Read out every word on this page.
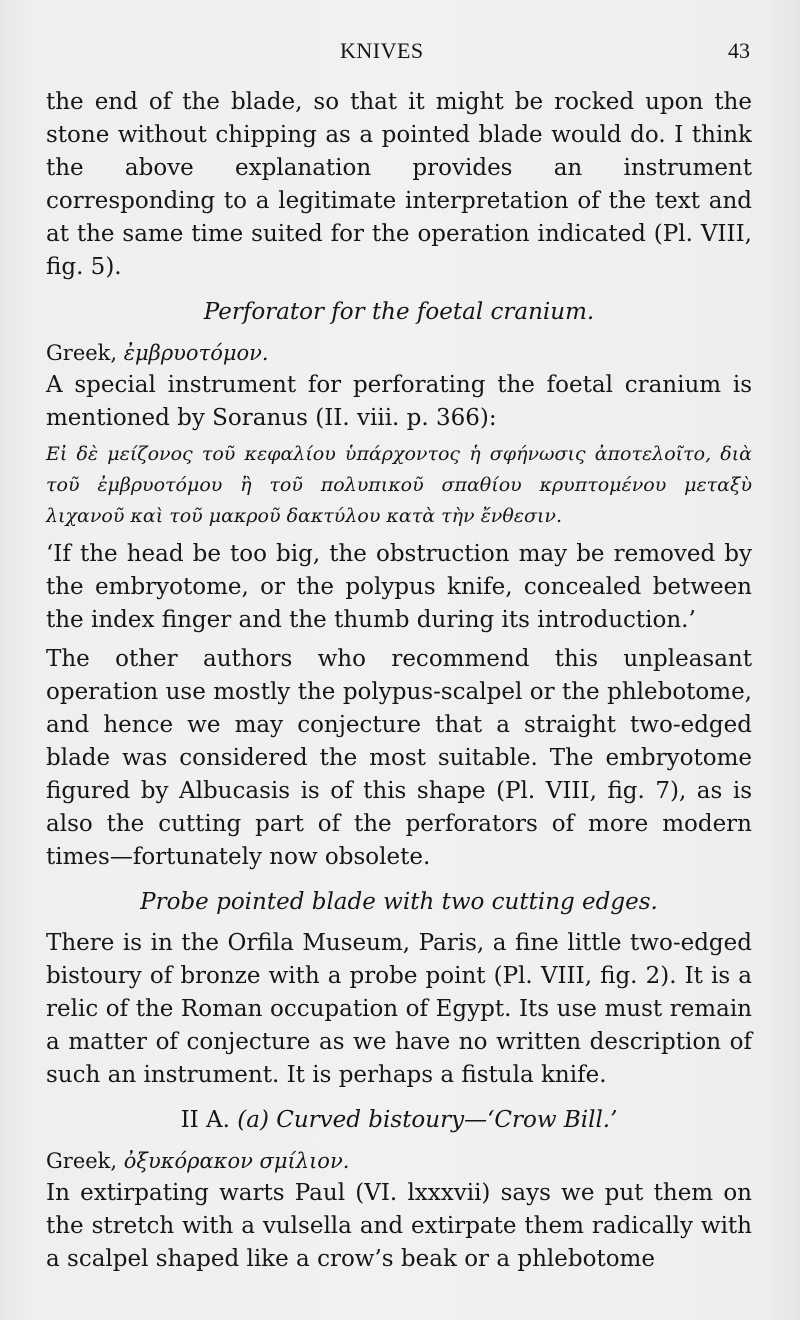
KNIVES	43

the end of the blade, so that it might be rocked upon the stone without chipping as a pointed blade would do. I think the above explanation provides an instrument corresponding to a legitimate interpretation of the text and at the same time suited for the operation indicated (Pl. VIII, fig. 5).

Perforator for the foetal cranium.

Greek, ἐμβρυοτόμον.

A special instrument for perforating the foetal cranium is mentioned by Soranus (II. viii. p. 366):

Εἰ δὲ μείζονος τοῦ κεφαλίου ὑπάρχοντος ἡ σφήνωσις ἀποτελοῖτο, διὰ τοῦ ἐμβρυοτόμου ἢ τοῦ πολυπικοῦ σπαθίου κρυπτομένου μεταξὺ λιχανοῦ καὶ τοῦ μακροῦ δακτύλου κατὰ τὴν ἔνθεσιν.

‘If the head be too big, the obstruction may be removed by the embryotome, or the polypus knife, concealed between the index finger and the thumb during its introduction.’

The other authors who recommend this unpleasant operation use mostly the polypus-scalpel or the phlebotome, and hence we may conjecture that a straight two-edged blade was considered the most suitable. The embryotome figured by Albucasis is of this shape (Pl. VIII, fig. 7), as is also the cutting part of the perforators of more modern times—fortunately now obsolete.

Probe pointed blade with two cutting edges.

There is in the Orfila Museum, Paris, a fine little two-edged bistoury of bronze with a probe point (Pl. VIII, fig. 2). It is a relic of the Roman occupation of Egypt. Its use must remain a matter of conjecture as we have no written description of such an instrument. It is perhaps a fistula knife.

II A. (a) Curved bistoury—‘Crow Bill.’

Greek, ὀξυκόρακον σμίλιον.

In extirpating warts Paul (VI. lxxxvii) says we put them on the stretch with a vulsella and extirpate them radically with a scalpel shaped like a crow’s beak or a phlebotome
